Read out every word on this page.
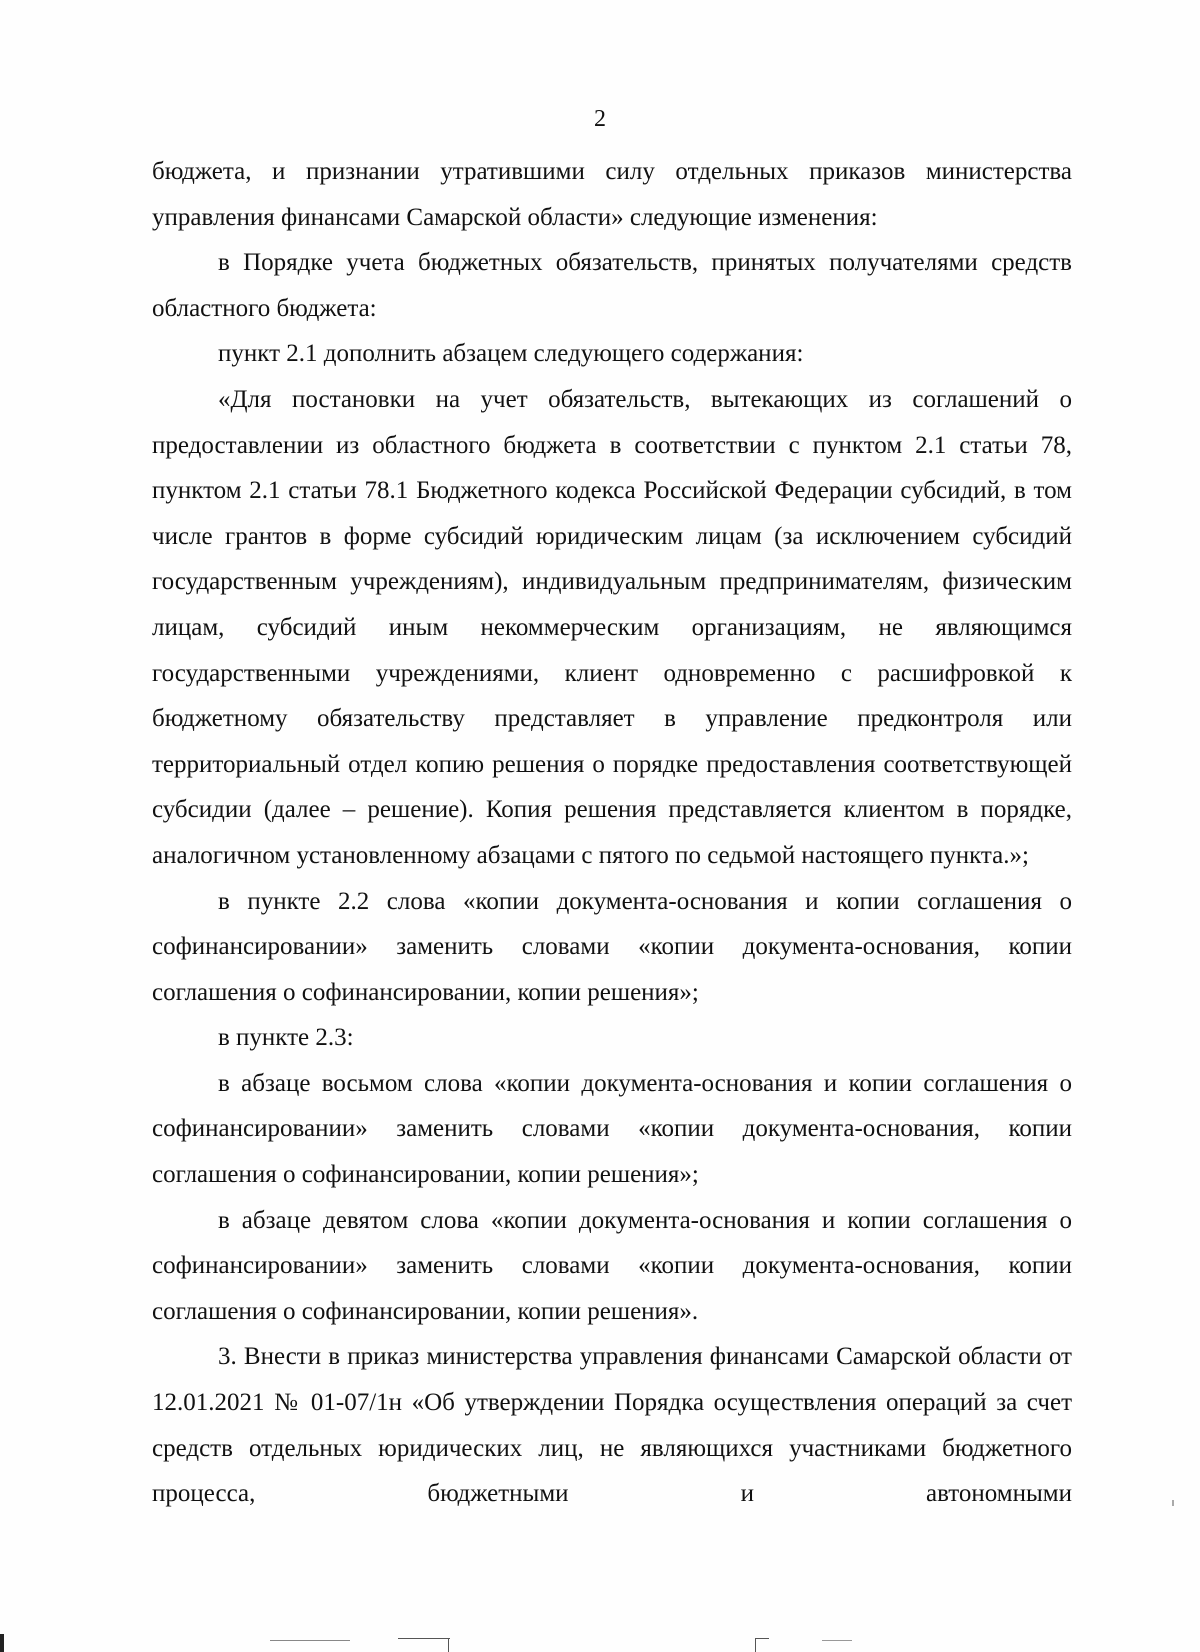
2

бюджета, и признании утратившими силу отдельных приказов министерства управления финансами Самарской области» следующие изменения:

в Порядке учета бюджетных обязательств, принятых получателями средств областного бюджета:

пункт 2.1 дополнить абзацем следующего содержания:

«Для постановки на учет обязательств, вытекающих из соглашений о предоставлении из областного бюджета в соответствии с пунктом 2.1 статьи 78, пунктом 2.1 статьи 78.1 Бюджетного кодекса Российской Федерации субсидий, в том числе грантов в форме субсидий юридическим лицам (за исключением субсидий государственным учреждениям), индивидуальным предпринимателям, физическим лицам, субсидий иным некоммерческим организациям, не являющимся государственными учреждениями, клиент одновременно с расшифровкой к бюджетному обязательству представляет в управление предконтроля или территориальный отдел копию решения о порядке предоставления соответствующей субсидии (далее – решение). Копия решения представляется клиентом в порядке, аналогичном установленному абзацами с пятого по седьмой настоящего пункта.»;

в пункте 2.2 слова «копии документа-основания и копии соглашения о софинансировании» заменить словами «копии документа-основания, копии соглашения о софинансировании, копии решения»;

в пункте 2.3:

в абзаце восьмом слова «копии документа-основания и копии соглашения о софинансировании» заменить словами «копии документа-основания, копии соглашения о софинансировании, копии решения»;

в абзаце девятом слова «копии документа-основания и копии соглашения о софинансировании» заменить словами «копии документа-основания, копии соглашения о софинансировании, копии решения».

3. Внести в приказ министерства управления финансами Самарской области от 12.01.2021 № 01-07/1н «Об утверждении Порядка осуществления операций за счет средств отдельных юридических лиц, не являющихся участниками бюджетного процесса, бюджетными и автономными
